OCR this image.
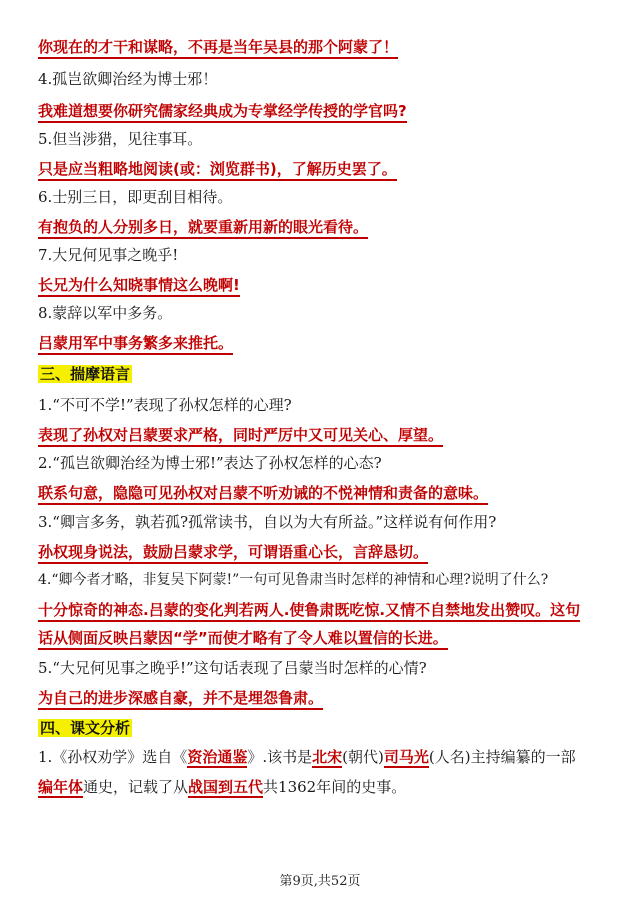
你现在的才干和谋略，不再是当年吴县的那个阿蒙了！
4.孤岂欲卿治经为博士邪！
我难道想要你研究儒家经典成为专掌经学传授的学官吗?
5.但当涉猎，见往事耳。
只是应当粗略地阅读(或：浏览群书)，了解历史罢了。
6.士别三日，即更刮目相待。
有抱负的人分别多日，就要重新用新的眼光看待。
7.大兄何见事之晚乎!
长兄为什么知晓事情这么晚啊!
8.蒙辞以军中多务。
吕蒙用军中事务繁多来推托。
三、揣摩语言
1.“不可不学!”表现了孙权怎样的心理?
表现了孙权对吕蒙要求严格，同时严厉中又可见关心、厚望。
2.“孤岂欲卿治经为博士邪!”表达了孙权怎样的心态?
联系句意，隐隐可见孙权对吕蒙不听劝诫的不悦神情和责备的意味。
3.“卿言多务，孰若孤?孤常读书，自以为大有所益。”这样说有何作用?
孙权现身说法，鼓励吕蒙求学，可谓语重心长，言辞恳切。
4.“卿今者才略，非复吴下阿蒙!”一句可见鲁肃当时怎样的神情和心理?说明了什么?
十分惊奇的神态.吕蒙的变化判若两人.使鲁肃既吃惊.又情不自禁地发出赞叹。这句
话从侧面反映吕蒙因“学”而使才略有了令人难以置信的长进。
5.“大兄何见事之晚乎!”这句话表现了吕蒙当时怎样的心情?
为自己的进步深感自豪，并不是埋怨鲁肃。
四、课文分析
1.《孙权劝学》选自《资治通鉴》.该书是北宋(朝代)司马光(人名)主持编纂的一部
编年体通史，记载了从战国到五代共1362年间的史事。
第9页,共52页
